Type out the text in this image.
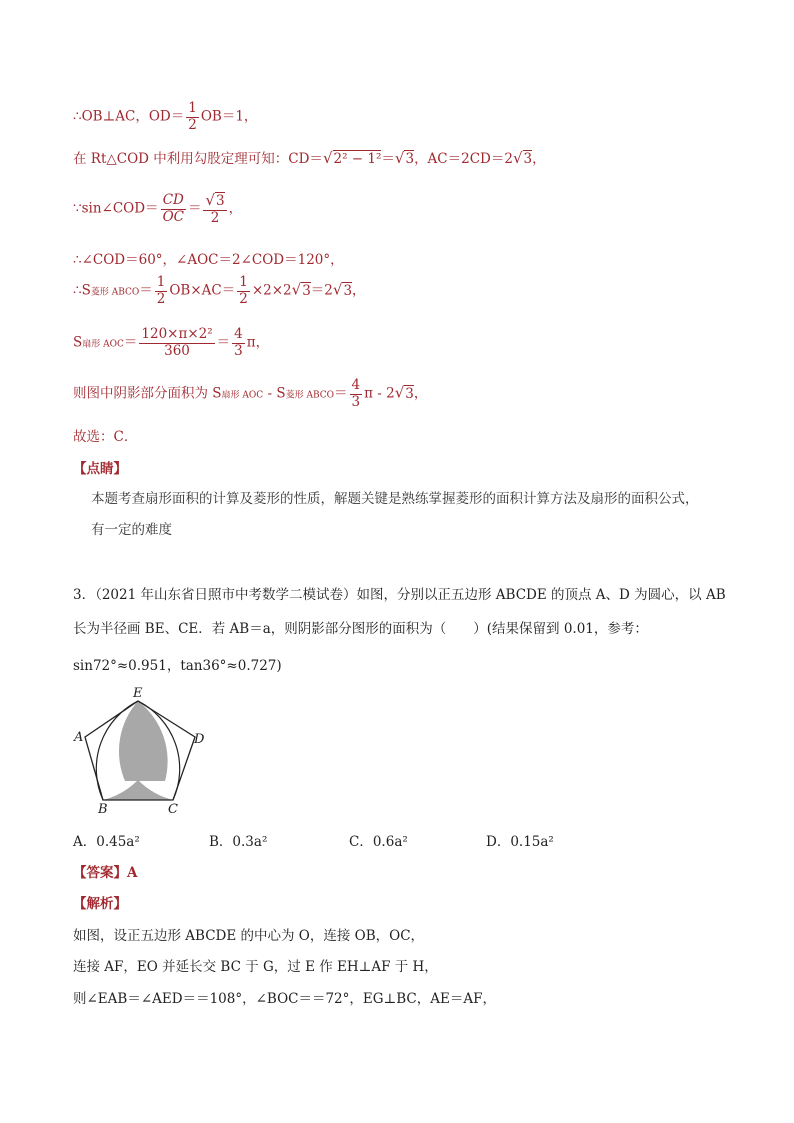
∴OB⊥AC，$OD= \frac{1}{2} OB=1$，
在 Rt△COD 中利用勾股定理可知：CD＝√2² − 1²＝√3，AC＝2CD＝2√3，
∵sin∠COD＝ $\frac{CD}{OC} = \frac{√3}{2}$ ，
∴∠COD＝60°，∠AOC＝2∠COD＝120°，
∴S菱形 ABCO＝ $\frac{1}{2} OB\times AC= \frac{1}{2} \times 2\times 2√3=2√3$，
S扇形 $AOC= \frac{\text{120×π×2²}}{360} = \frac{4}{3}$ π，
则图中阴影部分面积为 S扇形 AOC - S菱形 ABCO＝ $\frac{4}{3}$ π - 2√3，
故选：C．
【点睛】
本题考查扇形面积的计算及菱形的性质，解题关键是熟练掌握菱形的面积计算方法及扇形的面积公式，
有一定的难度
3．（2021 年山东省日照市中考数学二模试卷）如图，分别以正五边形 ABCDE 的顶点 A、D 为圆心，以 AB
长为半径画 BE、CE．若 AB＝a，则阴影部分图形的面积为（　　）(结果保留到 0.01，参考：
sin72°≈0.951，tan36°≈0.727)
E
A	D
B	C
A．0.45a²	B．0.3a²	C．0.6a²	D．0.15a²
【答案】A
【解析】
如图，设正五边形 ABCDE 的中心为 O，连接 OB，OC，
连接 AF，EO 并延长交 BC 于 G，过 E 作 EH⊥AF 于 H，
则∠EAB＝∠AED＝＝108°，∠BOC＝＝72°，EG⊥BC，AE＝AF，
